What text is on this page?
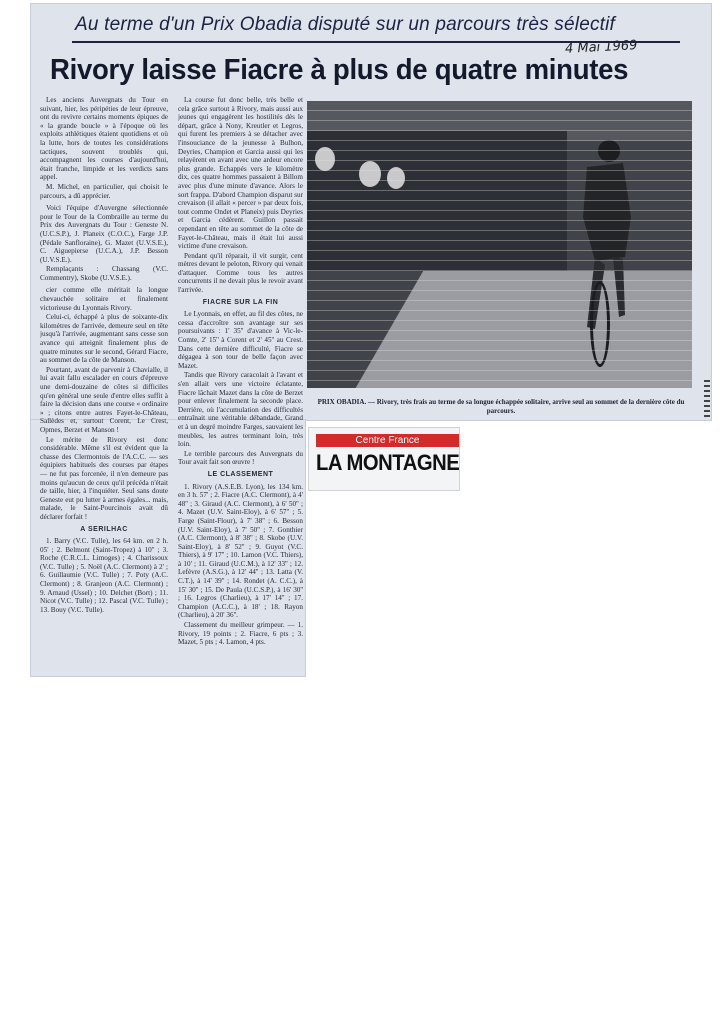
Au terme d'un Prix Obadia disputé sur un parcours très sélectif
4 Mai 1969
Rivory laisse Fiacre à plus de quatre minutes

Les anciens Auvergnats du Tour en suivant, hier, les péripéties de leur épreuve, ont du revivre certains moments épiques de « la grande boucle » à l'époque où les exploits athlétiques étaient quotidiens et où la lutte, hors de toutes les considérations tactiques, souvent troublés qui, accompagnent les courses d'aujourd'hui, était franche, limpide et les verdicts sans appel.

M. Michel, en particulier, qui choisit le parcours, a dû apprécier.

Voici l'équipe d'Auvergne sélectionnée pour le Tour de la Combraille au terme du Prix des Auvergnats du Tour : Geneste N. (U.C.S.P.), J. Planeix (C.O.C.), Farge J.P. (Pédale Sanfloraine), G. Mazet (U.V.S.E.), C. Aiguepierse (U.C.A.), J.P. Besson (U.V.S.E.).

Remplaçants : Chassang (V.C. Commentry), Skobe (U.V.S.E.).

cier comme elle méritait la longue chevauchée solitaire et finalement victorieuse du Lyonnais Rivory.

Celui-ci, échappé à plus de soixante-dix kilomètres de l'arrivée, demeure seul en tête jusqu'à l'arrivée, augmentant sans cesse son avance qui atteignit finalement plus de quatre minutes sur le second, Gérard Fiacre, au sommet de la côte de Manson.

Pourtant, avant de parvenir à Chavialle, il lui avait fallu escalader en cours d'épreuve une demi-douzaine de côtes si difficiles qu'en général une seule d'entre elles suffit à faire la décision dans une course « ordinaire » ; citons entre autres Fayet-le-Château, Sallèdes et, surtout Corent, Le Crest, Opmes, Berzet et Manson !

Le mérite de Rivory est donc considérable. Même s'il est évident que la chasse des Clermontois de l'A.C.C. — ses équipiers habituels des courses par étapes — ne fut pas forcenée, il n'en demeure pas moins qu'aucun de ceux qu'il précéda n'était de taille, hier, à l'inquiéter. Seul sans doute Geneste eut pu lutter à armes égales... mais, malade, le Saint-Pourcinois avait dû déclarer forfait !

A SERILHAC

1. Barry (V.C. Tulle), les 64 km. en 2 h. 05' ; 2. Belmont (Saint-Tropez) à 10'' ; 3. Roche (C.R.C.L. Limoges) ; 4. Charissoux (V.C. Tulle) ; 5. Noël (A.C. Clermont) à 2' ; 6. Guillaumie (V.C. Tulle) ; 7. Poty (A.C. Clermont) ; 8. Granjeon (A.C. Clermont) ; 9. Arnaud (Ussel) ; 10. Delchet (Bort) ; 11. Nicot (V.C. Tulle) ; 12. Pascal (V.C. Tulle) ; 13. Bouy (V.C. Tulle).

La course fut donc belle, très belle et cela grâce surtout à Rivory, mais aussi aux jeunes qui engagèrent les hostilités dès le départ, grâce à Nony, Kreutler et Legros, qui furent les premiers à se détacher avec l'insouciance de la jeunesse à Bulhon, Deyries, Champion et Garcia aussi qui les relayèrent en avant avec une ardeur encore plus grande. Echappés vers le kilomètre dix, ces quatre hommes passaient à Billom avec plus d'une minute d'avance. Alors le sort frappa. D'abord Champion disparut sur crevaison (il allait « percer » par deux fois, tout comme Ondet et Planeix) puis Deyries et Garcia cédèrent. Guillon passait cependant en tête au sommet de la côte de Fayet-le-Château, mais il était lui aussi victime d'une crevaison.

Pendant qu'il réparait, il vit surgir, cent mètres devant le peloton, Rivory qui venait d'attaquer. Comme tous les autres concurrents il ne devait plus le revoir avant l'arrivée.

FIACRE SUR LA FIN

Le Lyonnais, en effet, au fil des côtes, ne cessa d'accroître son avantage sur ses poursuivants : 1' 35'' d'avance à Vic-le-Comte, 2' 15'' à Corent et 2' 45'' au Crest. Dans cette dernière difficulté, Fiacre se dégagea à son tour de belle façon avec Mazet.

Tandis que Rivory caracolait à l'avant et s'en allait vers une victoire éclatante, Fiacre lâchait Mazet dans la côte de Berzet pour enlever finalement la seconde place. Derrière, où l'accumulation des difficultés entraînait une véritable débandade, Grand et à un degré moindre Farges, sauvaient les meubles, les autres terminant loin, très loin.

Le terrible parcours des Auvergnats du Tour avait fait son œuvre !

LE CLASSEMENT

1. Rivory (A.S.E.B. Lyon), les 134 km. en 3 h. 57' ; 2. Fiacre (A.C. Clermont), à 4' 48'' ; 3. Giraud (A.C. Clermont), à 6' 50'' ; 4. Mazet (U.V. Saint-Eloy), à 6' 57'' ; 5. Farge (Saint-Flour), à 7' 38'' ; 6. Besson (U.V. Saint-Eloy), à 7' 50'' ; 7. Gonthier (A.C. Clermont), à 8' 38'' ; 8. Skobe (U.V. Saint-Eloy), à 8' 52'' ; 9. Guyot (V.C. Thiers), à 9' 17'' ; 10. Lamon (V.C. Thiers), à 10' ; 11. Giraud (U.C.M.), à 12' 33'' ; 12. Lefèvre (A.S.G.), à 12' 44'' ; 13. Latta (V. C.T.), à 14' 39'' ; 14. Rondet (A. C.C.), à 15' 30'' ; 15. De Paula (U.C.S.P.), à 16' 30'' ; 16. Legros (Charlieu), à 17' 14'' ; 17. Champion (A.C.C.), à 18' ; 18. Rayon (Charlieu), à 20' 36''.

Classement du meilleur grimpeur. — 1. Rivory, 19 points ; 2. Fiacre, 6 pts ; 3. Mazet, 5 pts ; 4. Lamon, 4 pts.

PRIX OBADIA. — Rivory, très frais au terme de sa longue échappée solitaire, arrive seul au sommet de la dernière côte du parcours.
Centre France
LA MONTAGNE
